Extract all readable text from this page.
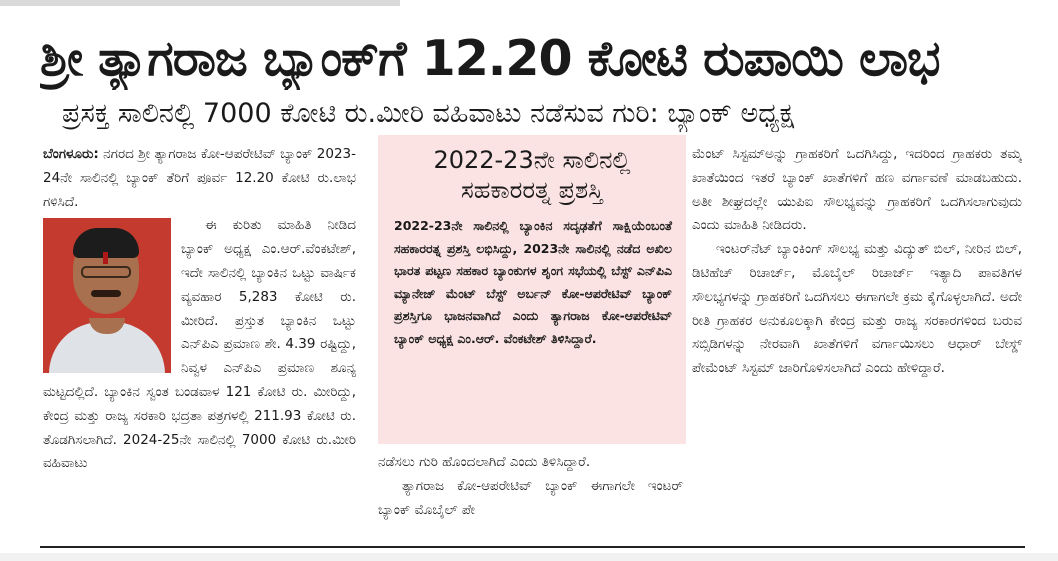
ಶ್ರೀ ತ್ಯಾಗರಾಜ ಬ್ಯಾಂಕ್‌ಗೆ 12.20 ಕೋಟಿ ರುಪಾಯಿ ಲಾಭ
ಪ್ರಸಕ್ತ ಸಾಲಿನಲ್ಲಿ 7000 ಕೋಟಿ ರು.ಮೀರಿ ವಹಿವಾಟು ನಡೆಸುವ ಗುರಿ: ಬ್ಯಾಂಕ್ ಅಧ್ಯಕ್ಷ

ಬೆಂಗಳೂರು: ನಗರದ ಶ್ರೀ ತ್ಯಾಗರಾಜ ಕೋ-ಆಪರೇಟಿವ್ ಬ್ಯಾಂಕ್ 2023-24ನೇ ಸಾಲಿನಲ್ಲಿ ಬ್ಯಾಂಕ್ ತೆರಿಗೆ ಪೂರ್ವ 12.20 ಕೋಟಿ ರು.ಲಾಭ ಗಳಿಸಿದೆ.

ಈ ಕುರಿತು ಮಾಹಿತಿ ನೀಡಿದ ಬ್ಯಾಂಕ್ ಅಧ್ಯಕ್ಷ ಎಂ.ಆರ್.ವೆಂಕಟೇಶ್, ಇದೇ ಸಾಲಿನಲ್ಲಿ ಬ್ಯಾಂಕಿನ ಒಟ್ಟು ವಾರ್ಷಿಕ ವ್ಯವಹಾರ 5,283 ಕೋಟಿ ರು. ಮೀರಿದೆ. ಪ್ರಸ್ತುತ ಬ್ಯಾಂಕಿನ ಒಟ್ಟು ಎನ್‌ಪಿಎ ಪ್ರಮಾಣ ಶೇ. 4.39 ರಷ್ಟಿದ್ದು, ನಿವ್ವಳ ಎನ್‌ಪಿಎ ಪ್ರಮಾಣ ಶೂನ್ಯ ಮಟ್ಟದಲ್ಲಿದೆ. ಬ್ಯಾಂಕಿನ ಸ್ವಂತ ಬಂಡವಾಳ 121 ಕೋಟಿ ರು. ಮೀರಿದ್ದು, ಕೇಂದ್ರ ಮತ್ತು ರಾಜ್ಯ ಸರಕಾರಿ ಭದ್ರತಾ ಪತ್ರಗಳಲ್ಲಿ 211.93 ಕೋಟಿ ರು. ತೊಡಗಿಸಲಾಗಿದೆ. 2024-25ನೇ ಸಾಲಿನಲ್ಲಿ 7000 ಕೋಟಿ ರು.ಮೀರಿ ವಹಿವಾಟು

2022-23ನೇ ಸಾಲಿನಲ್ಲಿ
ಸಹಕಾರರತ್ನ ಪ್ರಶಸ್ತಿ

2022-23ನೇ ಸಾಲಿನಲ್ಲಿ ಬ್ಯಾಂಕಿನ ಸದೃಢತೆಗೆ ಸಾಕ್ಷಿಯೆಂಬಂತೆ ಸಹಕಾರರತ್ನ ಪ್ರಶಸ್ತಿ ಲಭಿಸಿದ್ದು, 2023ನೇ ಸಾಲಿನಲ್ಲಿ ನಡೆದ ಅಖಿಲ ಭಾರತ ಪಟ್ಟಣ ಸಹಕಾರ ಬ್ಯಾಂಕುಗಳ ಶೃಂಗ ಸಭೆಯಲ್ಲಿ ಬೆಸ್ಟ್ ಎನ್‌ಪಿಎ ಮ್ಯಾನೇಜ್ ಮೆಂಟ್ ಬೆಸ್ಟ್ ಅರ್ಬನ್ ಕೋ-ಆಪರೇಟಿವ್ ಬ್ಯಾಂಕ್ ಪ್ರಶಸ್ತಿಗೂ ಭಾಜನವಾಗಿದೆ ಎಂದು ತ್ಯಾಗರಾಜ ಕೋ-ಆಪರೇಟಿವ್ ಬ್ಯಾಂಕ್ ಅಧ್ಯಕ್ಷ ಎಂ.ಆರ್. ವೆಂಕಟೇಶ್ ತಿಳಿಸಿದ್ದಾರೆ.

ನಡೆಸಲು ಗುರಿ ಹೊಂದಲಾಗಿದೆ ಎಂದು ತಿಳಿಸಿದ್ದಾರೆ.

ತ್ಯಾಗರಾಜ ಕೋ-ಆಪರೇಟಿವ್ ಬ್ಯಾಂಕ್ ಈಗಾಗಲೇ ಇಂಟರ್ ಬ್ಯಾಂಕ್ ಮೊಬೈಲ್ ಪೇ

ಮೆಂಟ್ ಸಿಸ್ಟಮ್‌ಅನ್ನು ಗ್ರಾಹಕರಿಗೆ ಒದಗಿಸಿದ್ದು, ಇದರಿಂದ ಗ್ರಾಹಕರು ತಮ್ಮ ಖಾತೆಯಿಂದ ಇತರೆ ಬ್ಯಾಂಕ್ ಖಾತೆಗಳಿಗೆ ಹಣ ವರ್ಗಾವಣೆ ಮಾಡಬಹುದು. ಅತೀ ಶೀಘ್ರದಲ್ಲೇ ಯುಪಿಐ ಸೌಲಭ್ಯವನ್ನು ಗ್ರಾಹಕರಿಗೆ ಒದಗಿಸಲಾಗುವುದು ಎಂದು ಮಾಹಿತಿ ನೀಡಿದರು.

ಇಂಟರ್‌ನೆಟ್ ಬ್ಯಾಂಕಿಂಗ್ ಸೌಲಭ್ಯ ಮತ್ತು ವಿದ್ಯುತ್ ಬಿಲ್, ನೀರಿನ ಬಿಲ್, ಡಿಟಿಹೆಚ್ ರಿಚಾರ್ಜ್, ಮೊಬೈಲ್ ರಿಚಾರ್ಜ್ ಇತ್ಯಾದಿ ಪಾವತಿಗಳ ಸೌಲಭ್ಯಗಳನ್ನು ಗ್ರಾಹಕರಿಗೆ ಒದಗಿಸಲು ಈಗಾಗಲೇ ಕ್ರಮ ಕೈಗೊಳ್ಳಲಾಗಿದೆ. ಅದೇ ರೀತಿ ಗ್ರಾಹಕರ ಅನುಕೂಲಕ್ಕಾಗಿ ಕೇಂದ್ರ ಮತ್ತು ರಾಜ್ಯ ಸರಕಾರಗಳಿಂದ ಬರುವ ಸಬ್ಸಿಡಿಗಳನ್ನು ನೇರವಾಗಿ ಖಾತೆಗಳಿಗೆ ವರ್ಗಾಯಿಸಲು ಆಧಾರ್ ಬೇಸ್ಡ್ ಪೇಮೆಂಟ್ ಸಿಸ್ಟಮ್ ಜಾರಿಗೊಳಿಸಲಾಗಿದೆ ಎಂದು ಹೇಳಿದ್ದಾರೆ.
